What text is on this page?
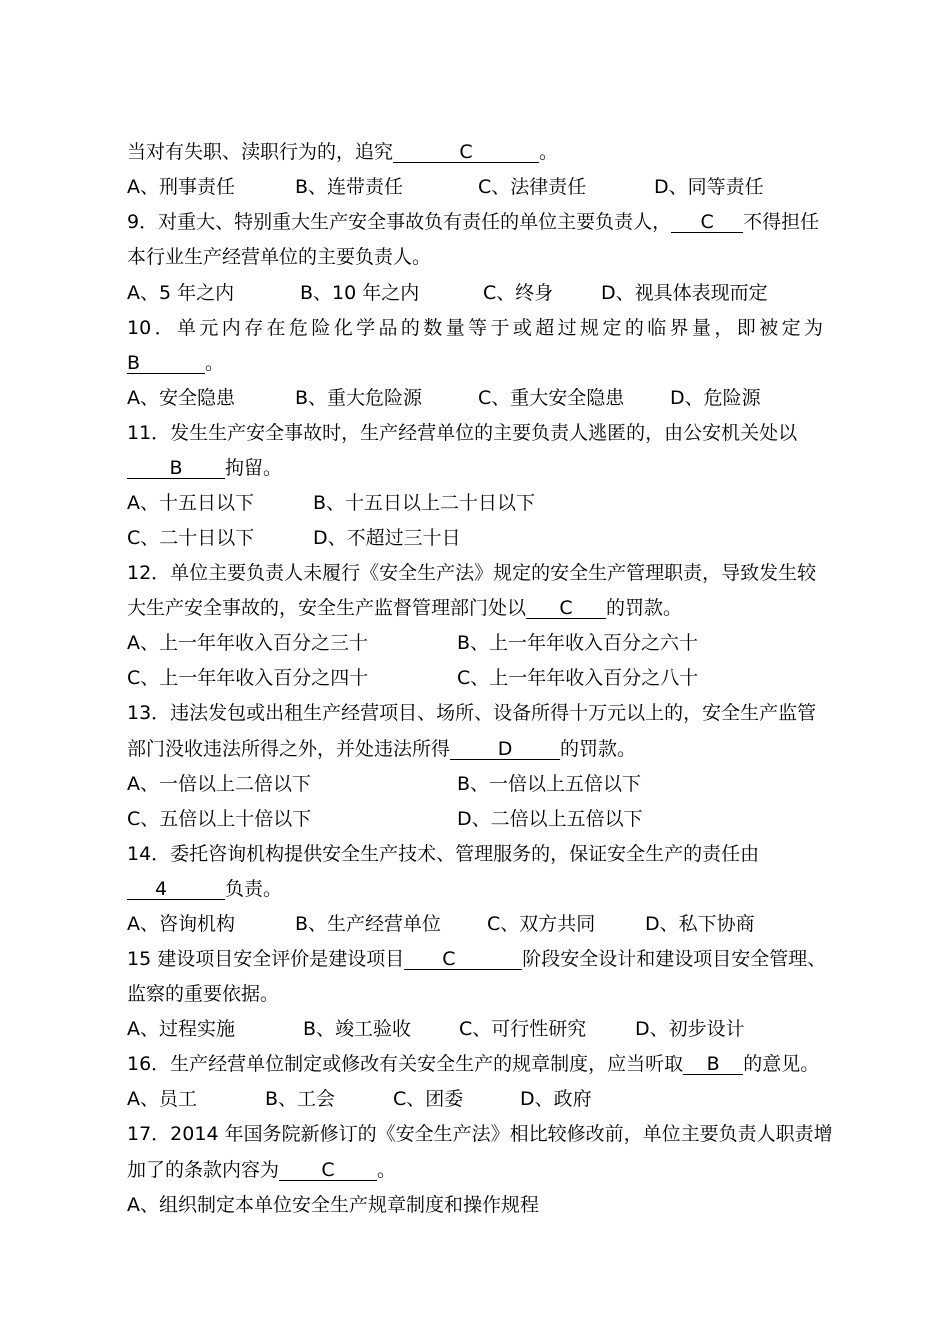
当对有失职、渎职行为的，追究	C	。
A、刑事责任	B、连带责任	C、法律责任	D、同等责任
9．对重大、特别重大生产安全事故负有责任的单位主要负责人， C 不得担任
本行业生产经营单位的主要负责人。
A、5 年之内	B、10 年之内	C、终身	D、视具体表现而定
10．单元内存在危险化学品的数量等于或超过规定的临界量，即被定为
B	。
A、安全隐患	B、重大危险源	C、重大安全隐患 D、危险源
11．发生生产安全事故时，生产经营单位的主要负责人逃匿的，由公安机关处以
B 拘留。
A、十五日以下	B、十五日以上二十日以下
C、二十日以下	D、不超过三十日
12．单位主要负责人未履行《安全生产法》规定的安全生产管理职责，导致发生较
大生产安全事故的，安全生产监督管理部门处以 C 的罚款。
A、上一年年收入百分之三十	B、上一年年收入百分之六十
C、上一年年收入百分之四十	C、上一年年收入百分之八十
13．违法发包或出租生产经营项目、场所、设备所得十万元以上的，安全生产监管
部门没收违法所得之外，并处违法所得	D	的罚款。
A、一倍以上二倍以下	B、一倍以上五倍以下
C、五倍以上十倍以下	D、二倍以上五倍以下
14．委托咨询机构提供安全生产技术、管理服务的，保证安全生产的责任由
4	负责。
A、咨询机构	B、生产经营单位 C、双方共同	D、私下协商
15 建设项目安全评价是建设项目 C	阶段安全设计和建设项目安全管理、
监察的重要依据。
A、过程实施	B、竣工验收	C、可行性研究	D、初步设计
16．生产经营单位制定或修改有关安全生产的规章制度，应当听取 B 的意见。
A、员工	B、工会	C、团委	D、政府
17．2014 年国务院新修订的《安全生产法》相比较修改前，单位主要负责人职责增
加了的条款内容为 C 。
A、组织制定本单位安全生产规章制度和操作规程
